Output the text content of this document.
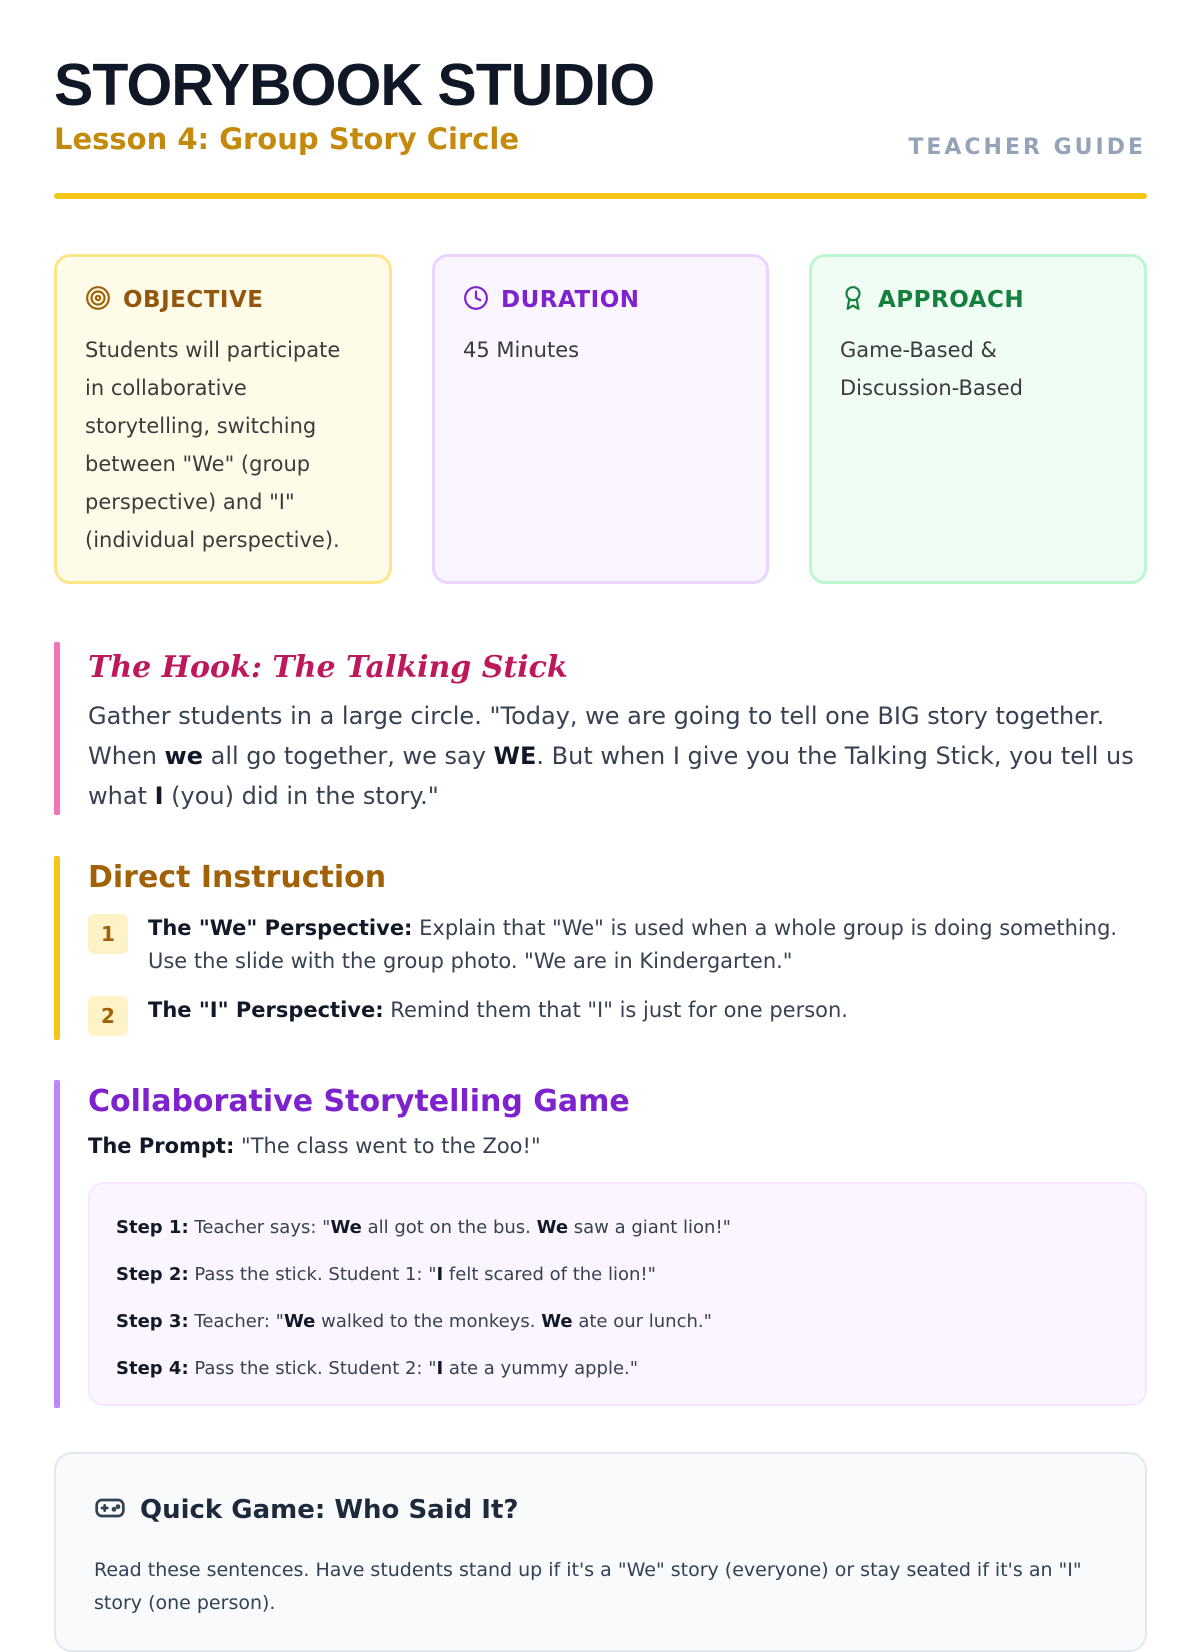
STORYBOOK STUDIO
Lesson 4: Group Story Circle	TEACHER GUIDE
OBJECTIVE
Students will participate in collaborative storytelling, switching between "We" (group perspective) and "I" (individual perspective).
DURATION
45 Minutes
APPROACH
Game-Based & Discussion-Based
The Hook: The Talking Stick
Gather students in a large circle. "Today, we are going to tell one BIG story together. When we all go together, we say WE. But when I give you the Talking Stick, you tell us what I (you) did in the story."
Direct Instruction
1	The "We" Perspective: Explain that "We" is used when a whole group is doing something. Use the slide with the group photo. "We are in Kindergarten."
2	The "I" Perspective: Remind them that "I" is just for one person.
Collaborative Storytelling Game
The Prompt: "The class went to the Zoo!"
Step 1: Teacher says: "We all got on the bus. We saw a giant lion!"
Step 2: Pass the stick. Student 1: "I felt scared of the lion!"
Step 3: Teacher: "We walked to the monkeys. We ate our lunch."
Step 4: Pass the stick. Student 2: "I ate a yummy apple."
Quick Game: Who Said It?
Read these sentences. Have students stand up if it's a "We" story (everyone) or stay seated if it's an "I" story (one person).
